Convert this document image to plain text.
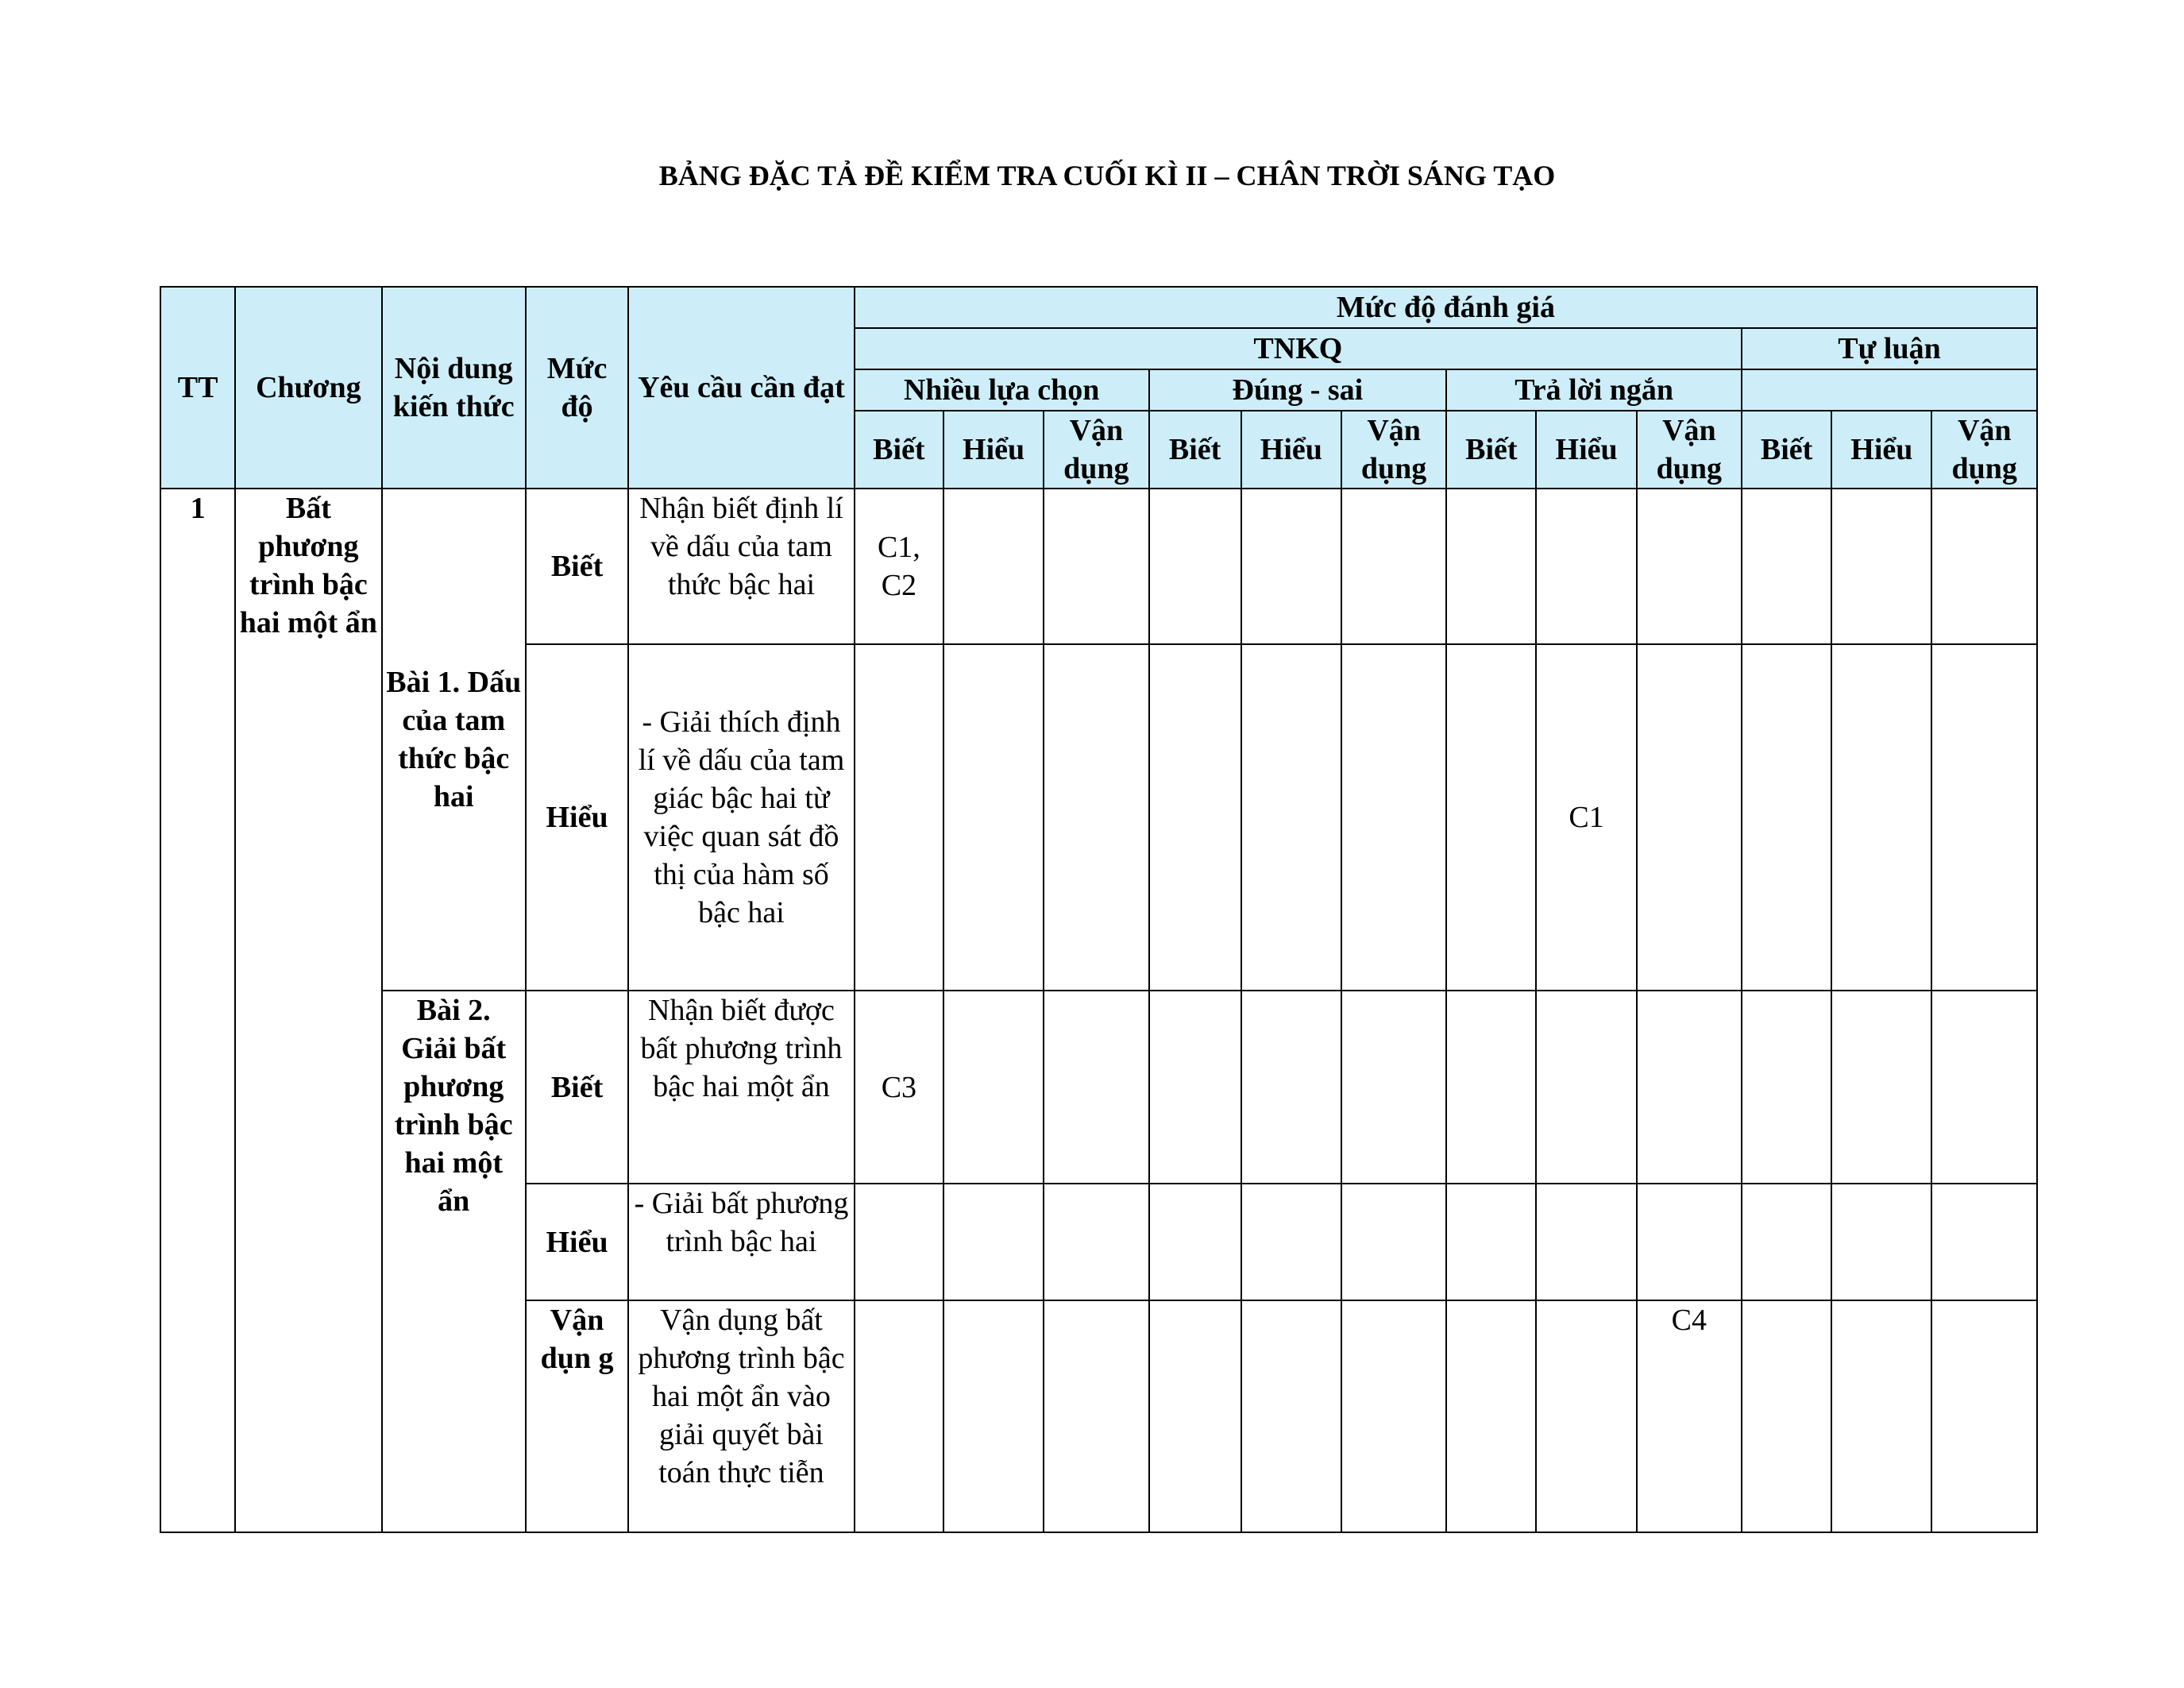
BẢNG ĐẶC TẢ ĐỀ KIỂM TRA CUỐI KÌ II – CHÂN TRỜI SÁNG TẠO
TT	Chương	Nội dung kiến thức	Mức độ	Yêu cầu cần đạt	Mức độ đánh giá											
					TNKQ									Tự luận		
					Nhiều lựa chọn			Đúng - sai			Trả lời ngắn					
					Biết	Hiểu	Vận dụng	Biết	Hiểu	Vận dụng	Biết	Hiểu	Vận dụng	Biết	Hiểu	Vận dụng
1	Bất phương trình bậc hai một ẩn	Bài 1. Dấu của tam thức bậc hai	Biết	Nhận biết định lí về dấu của tam thức bậc hai	C1, C2											
			Hiểu	- Giải thích định lí về dấu của tam giác bậc hai từ việc quan sát đồ thị của hàm số bậc hai								C1				
		Bài 2. Giải bất phương trình bậc hai một ẩn	Biết	Nhận biết được bất phương trình bậc hai một ẩn	C3											
			Hiểu	- Giải bất phương trình bậc hai												
			Vận dụn g	Vận dụng bất phương trình bậc hai một ẩn vào giải quyết bài toán thực tiễn									C4			
